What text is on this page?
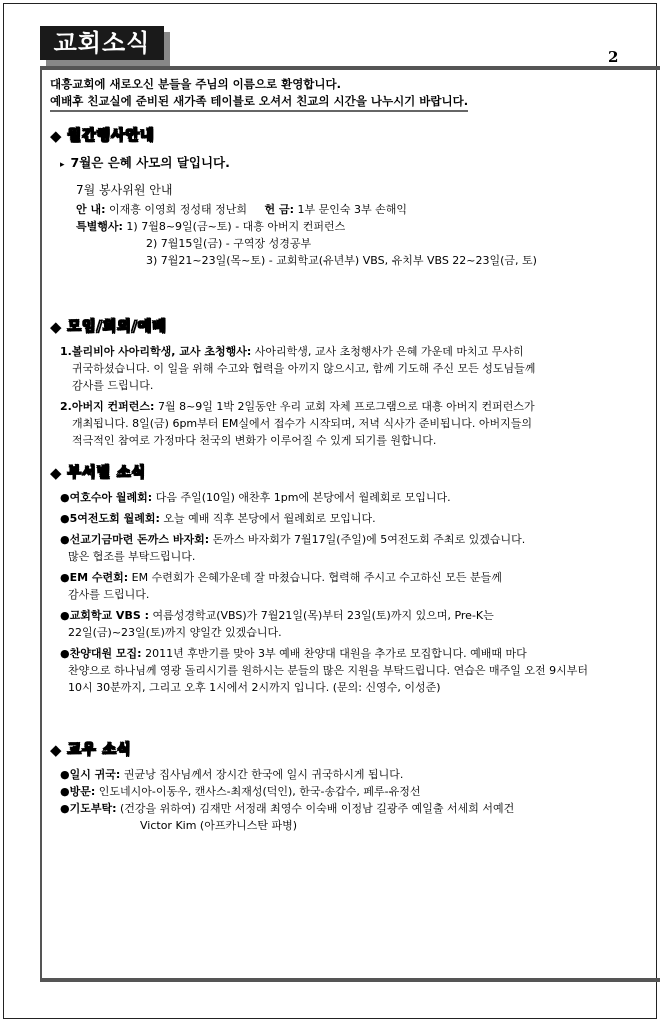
교회소식	2

대흥교회에 새로오신 분들을 주님의 이름으로 환영합니다.

예배후 친교실에 준비된 새가족 테이블로 오셔서 친교의 시간을 나누시기 바랍니다.

◆ 월간행사안내
▸ 7월은 은혜 사모의 달입니다.
7월 봉사위원 안내
안 내: 이재흥 이영희 정성태 정난희 헌 금: 1부 문인숙 3부 손해익
특별행사: 1) 7월8~9일(금~토) - 대흥 아버지 컨퍼런스
2) 7월15일(금) - 구역장 성경공부
3) 7월21~23일(목~토) - 교회학교(유년부) VBS, 유치부 VBS 22~23일(금, 토)
◆ 모임/회의/예배
1.볼리비아 사아리학생, 교사 초청행사: 사아리학생, 교사 초청행사가 은혜 가운데 마치고 무사히
귀국하셨습니다. 이 일을 위해 수고와 협력을 아끼지 않으시고, 함께 기도해 주신 모든 성도님들께
감사를 드립니다.
2.아버지 컨퍼런스: 7월 8~9일 1박 2일동안 우리 교회 자체 프로그램으로 대흥 아버지 컨퍼런스가
개최됩니다. 8일(금) 6pm부터 EM실에서 접수가 시작되며, 저녁 식사가 준비됩니다. 아버지들의
적극적인 참여로 가정마다 천국의 변화가 이루어질 수 있게 되기를 원합니다.
◆ 부서별 소식
●여호수아 월례회: 다음 주일(10일) 애찬후 1pm에 본당에서 월례회로 모입니다.
●5여전도회 월례회: 오늘 예배 직후 본당에서 월례회로 모입니다.
●선교기금마련 돈까스 바자회: 돈까스 바자회가 7월17일(주일)에 5여전도회 주최로 있겠습니다.
많은 협조를 부탁드립니다.
●EM 수련회: EM 수련회가 은혜가운데 잘 마쳤습니다. 협력해 주시고 수고하신 모든 분들께
감사를 드립니다.
●교회학교 VBS : 여름성경학교(VBS)가 7월21일(목)부터 23일(토)까지 있으며, Pre-K는
22일(금)~23일(토)까지 양일간 있겠습니다.
●찬양대원 모집: 2011년 후반기를 맞아 3부 예배 찬양대 대원을 추가로 모집합니다. 예배때 마다
찬양으로 하나님께 영광 돌리시기를 원하시는 분들의 많은 지원을 부탁드립니다. 연습은 매주일 오전 9시부터
10시 30분까지, 그리고 오후 1시에서 2시까지 입니다. (문의: 신영수, 이성준)
◆ 교우 소식
●일시 귀국: 권균낭 집사님께서 장시간 한국에 일시 귀국하시게 됩니다.
●방문: 인도네시아-이동우, 캔사스-최재성(덕인), 한국-송갑수, 페루-유정선
●기도부탁: (건강을 위하여) 김재만 서정래 최영수 이숙배 이정남 길광주 예일출 서세희 서예건
Victor Kim (아프카니스탄 파병)
